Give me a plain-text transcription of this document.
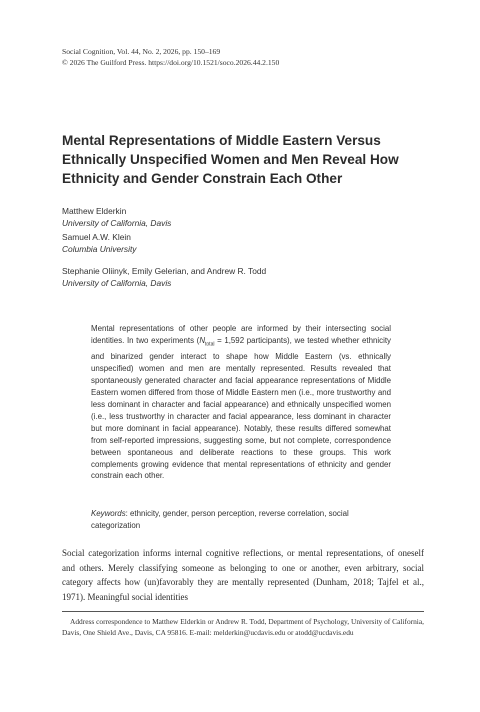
Social Cognition, Vol. 44, No. 2, 2026, pp. 150–169
© 2026 The Guilford Press. https://doi.org/10.1521/soco.2026.44.2.150
Mental Representations of Middle Eastern Versus Ethnically Unspecified Women and Men Reveal How Ethnicity and Gender Constrain Each Other
Matthew Elderkin
University of California, Davis
Samuel A.W. Klein
Columbia University
Stephanie Oliinyk, Emily Gelerian, and Andrew R. Todd
University of California, Davis
Mental representations of other people are informed by their intersecting social identities. In two experiments ($N_{total} = 1,592$ participants), we tested whether ethnicity and binarized gender interact to shape how Middle Eastern (vs. ethnically unspecified) women and men are mentally represented. Results revealed that spontaneously generated character and facial appearance representations of Middle Eastern women differed from those of Middle Eastern men (i.e., more trustworthy and less dominant in character and facial appearance) and ethnically unspecified women (i.e., less trustworthy in character and facial appearance, less dominant in character but more dominant in facial appearance). Notably, these results differed somewhat from self-reported impressions, suggesting some, but not complete, correspondence between spontaneous and deliberate reactions to these groups. This work complements growing evidence that mental representations of ethnicity and gender constrain each other.
Keywords: ethnicity, gender, person perception, reverse correlation, social categorization
Social categorization informs internal cognitive reflections, or mental representations, of oneself and others. Merely classifying someone as belonging to one or another, even arbitrary, social category affects how (un)favorably they are mentally represented (Dunham, 2018; Tajfel et al., 1971). Meaningful social identities
Address correspondence to Matthew Elderkin or Andrew R. Todd, Department of Psychology, University of California, Davis, One Shield Ave., Davis, CA 95816. E-mail: melderkin@ucdavis.edu or atodd@ucdavis.edu
